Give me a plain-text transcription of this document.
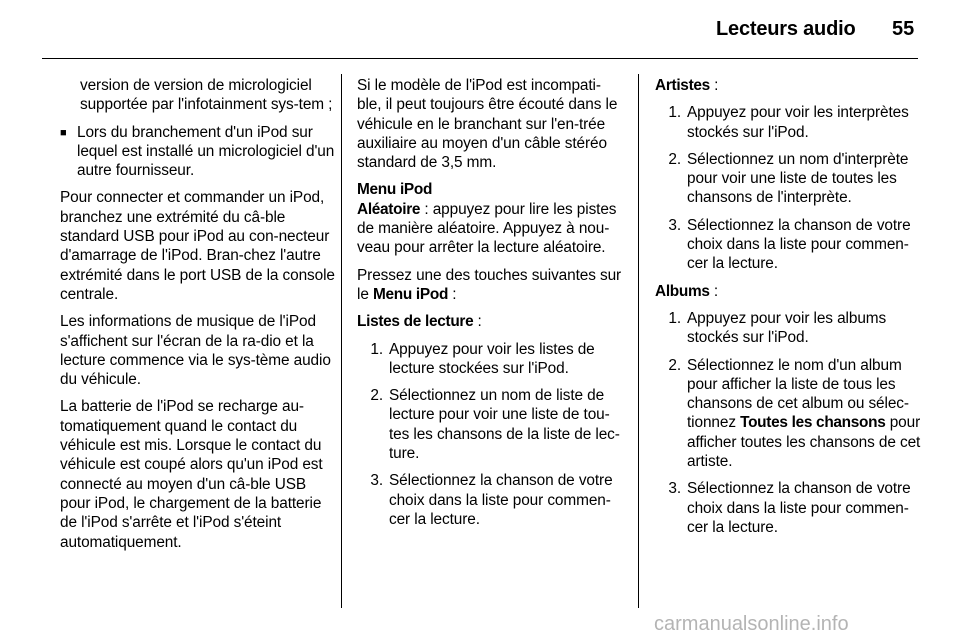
Lecteurs audio 55

version de version de micrologiciel supportée par l'infotainment sys-tem ;

■ Lors du branchement d'un iPod sur lequel est installé un micrologiciel d'un autre fournisseur.

Pour connecter et commander un iPod, branchez une extrémité du câ-ble standard USB pour iPod au con-necteur d'amarrage de l'iPod. Bran-chez l'autre extrémité dans le port USB de la console centrale.

Les informations de musique de l'iPod s'affichent sur l'écran de la ra-dio et la lecture commence via le sys-tème audio du véhicule.

La batterie de l'iPod se recharge au-tomatiquement quand le contact du véhicule est mis. Lorsque le contact du véhicule est coupé alors qu'un iPod est connecté au moyen d'un câ-ble USB pour iPod, le chargement de la batterie de l'iPod s'arrête et l'iPod s'éteint automatiquement.

Si le modèle de l'iPod est incompati-ble, il peut toujours être écouté dans le véhicule en le branchant sur l'en-trée auxiliaire au moyen d'un câble stéréo standard de 3,5 mm.

Menu iPod

Aléatoire : appuyez pour lire les pistes de manière aléatoire. Appuyez à nou-veau pour arrêter la lecture aléatoire.

Pressez une des touches suivantes sur le Menu iPod :

Listes de lecture :

1. Appuyez pour voir les listes de lecture stockées sur l'iPod.
2. Sélectionnez un nom de liste de lecture pour voir une liste de tou-tes les chansons de la liste de lec-ture.
3. Sélectionnez la chanson de votre choix dans la liste pour commen-cer la lecture.

Artistes :

1. Appuyez pour voir les interprètes stockés sur l'iPod.
2. Sélectionnez un nom d'interprète pour voir une liste de toutes les chansons de l'interprète.
3. Sélectionnez la chanson de votre choix dans la liste pour commen-cer la lecture.

Albums :

1. Appuyez pour voir les albums stockés sur l'iPod.
2. Sélectionnez le nom d'un album pour afficher la liste de tous les chansons de cet album ou sélec-tionnez Toutes les chansons pour afficher toutes les chansons de cet artiste.
3. Sélectionnez la chanson de votre choix dans la liste pour commen-cer la lecture.
carmanualsonline.info
